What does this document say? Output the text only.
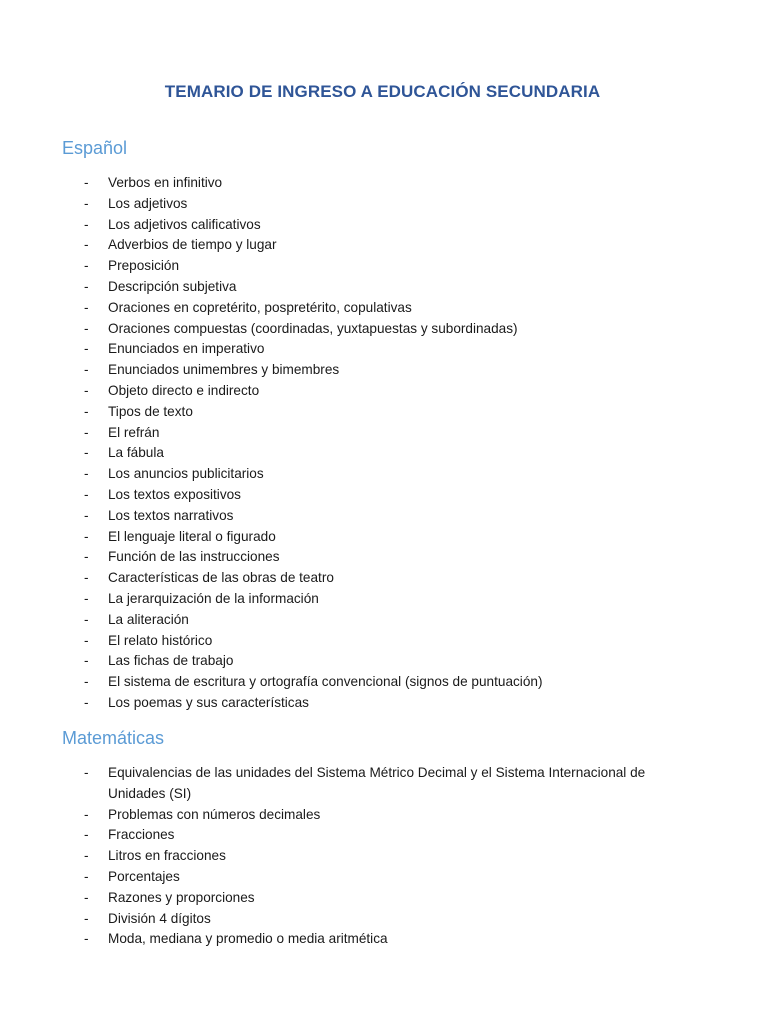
TEMARIO DE INGRESO A EDUCACIÓN SECUNDARIA
Español
- Verbos en infinitivo
- Los adjetivos
- Los adjetivos calificativos
- Adverbios de tiempo y lugar
- Preposición
- Descripción subjetiva
- Oraciones en copretérito, pospretérito, copulativas
- Oraciones compuestas (coordinadas, yuxtapuestas y subordinadas)
- Enunciados en imperativo
- Enunciados unimembres y bimembres
- Objeto directo e indirecto
- Tipos de texto
- El refrán
- La fábula
- Los anuncios publicitarios
- Los textos expositivos
- Los textos narrativos
- El lenguaje literal o figurado
- Función de las instrucciones
- Características de las obras de teatro
- La jerarquización de la información
- La aliteración
- El relato histórico
- Las fichas de trabajo
- El sistema de escritura y ortografía convencional (signos de puntuación)
- Los poemas y sus características
Matemáticas
- Equivalencias de las unidades del Sistema Métrico Decimal y el Sistema Internacional de Unidades (SI)
- Problemas con números decimales
- Fracciones
- Litros en fracciones
- Porcentajes
- Razones y proporciones
- División 4 dígitos
- Moda, mediana y promedio o media aritmética
